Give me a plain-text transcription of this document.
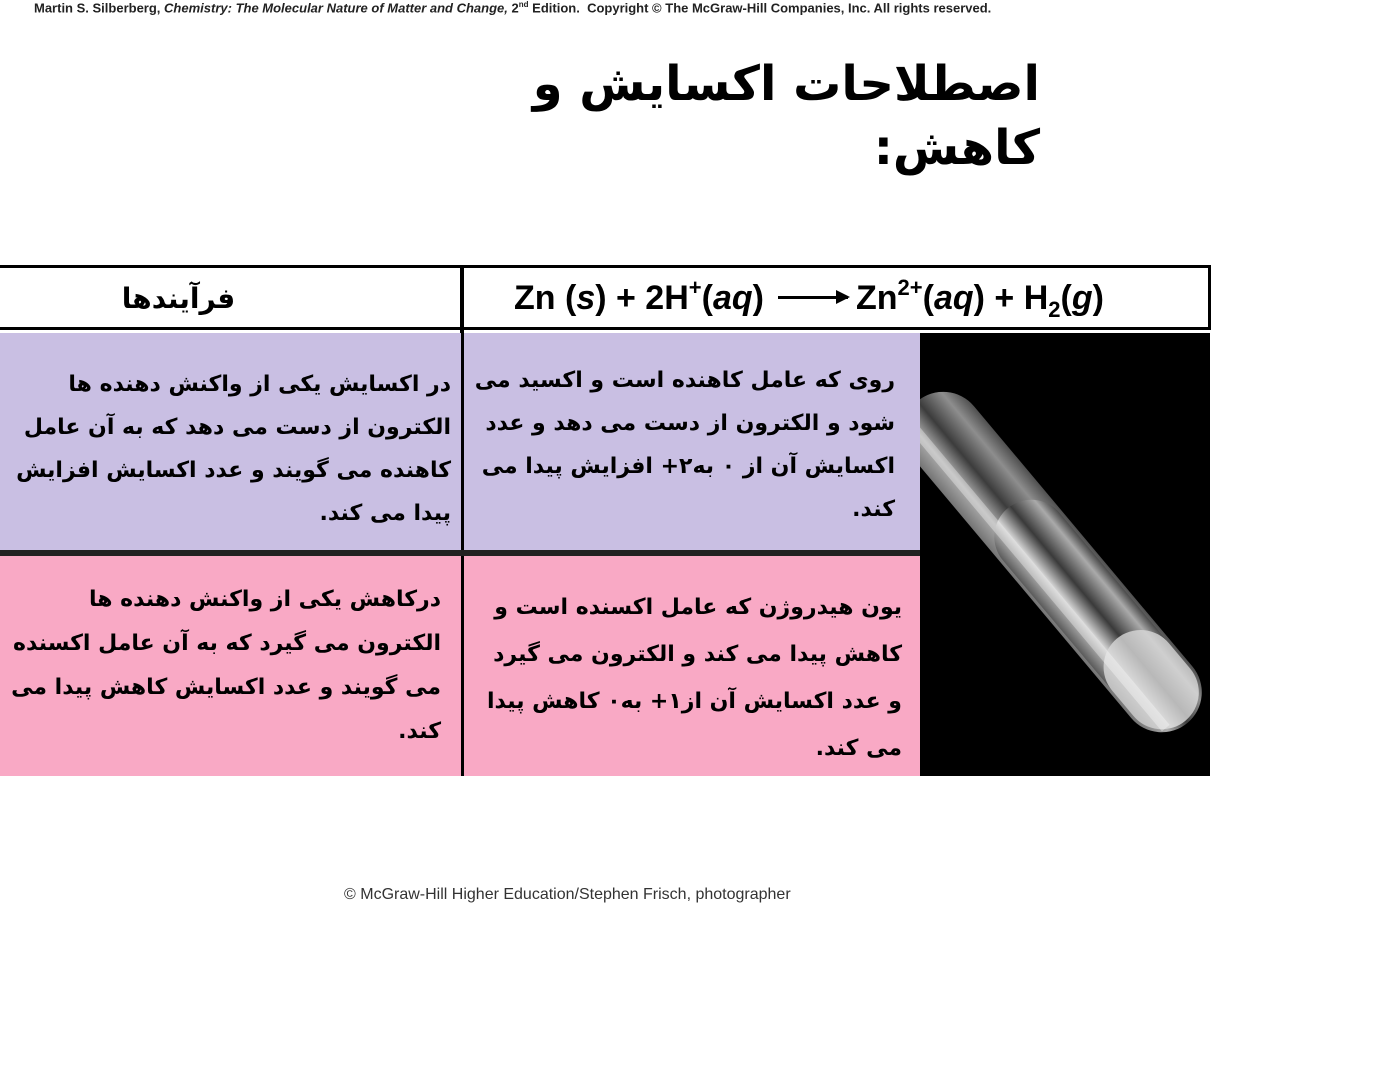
Martin S. Silberberg, Chemistry: The Molecular Nature of Matter and Change, 2nd Edition. Copyright © The McGraw-Hill Companies, Inc. All rights reserved.
اصطلاحات اکسایش و کاهش:
فرآیندها	Zn $(s) + 2H^+(aq) \to Zn^{2+}(aq) + H_2(g)$
در اکسایش یکی از واکنش دهنده ها الکترون از دست می دهد که به آن عامل کاهنده می گویند و عدد اکسایش افزایش پیدا می کند.
روی که عامل کاهنده است و اکسید می شود و الکترون از دست می دهد و عدد اکسایش آن از ۰ به۲+ افزایش پیدا می کند.
درکاهش یکی از واکنش دهنده ها الکترون می گیرد که به آن عامل اکسنده می گویند و عدد اکسایش کاهش پیدا می کند.
یون هیدروژن که عامل اکسنده است و کاهش پیدا می کند و الکترون می گیرد و عدد اکسایش آن از۱+ به۰ کاهش پیدا می کند.
© McGraw-Hill Higher Education/Stephen Frisch, photographer
